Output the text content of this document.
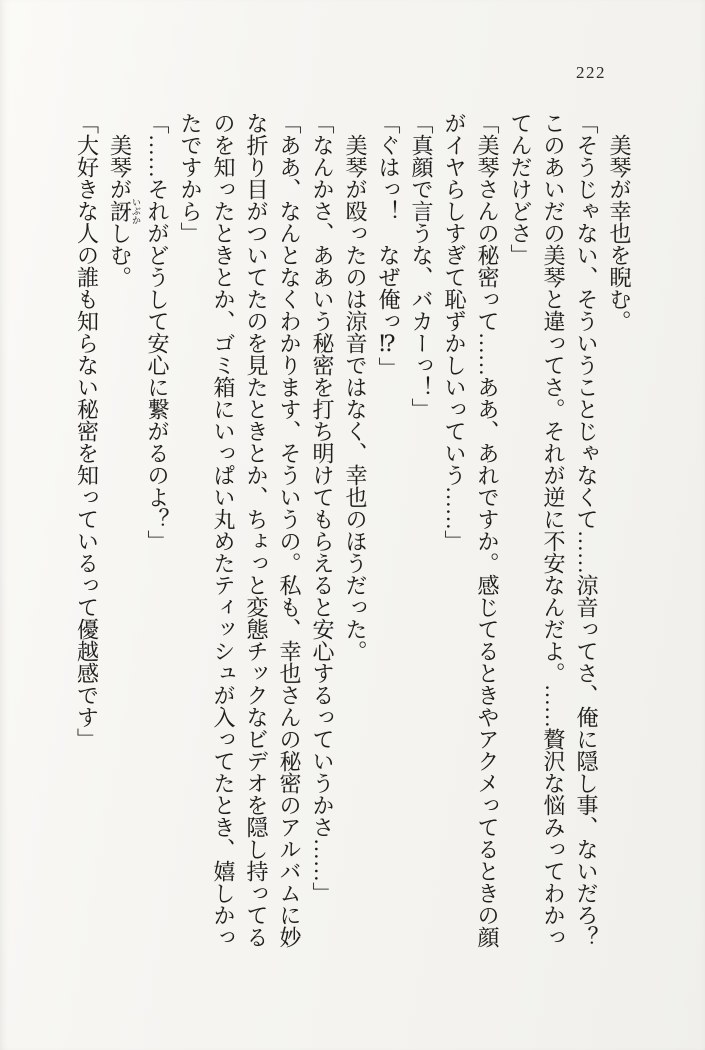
222

美琴が幸也を睨む。

「そうじゃない、そういうことじゃなくて……涼音ってさ、俺に隠し事、ないだろ？このあいだの美琴と違ってさ。それが逆に不安なんだよ。……贅沢な悩みってわかってんだけどさ」

「美琴さんの秘密って……ああ、あれですか。感じてるときやアクメってるときの顔がイヤらしすぎて恥ずかしいっていう……」

「真顔で言うな、バカーっ！」

「ぐはっ！　なぜ俺っ⁉」

美琴が殴ったのは涼音ではなく、幸也のほうだった。

「なんかさ、ああいう秘密を打ち明けてもらえると安心するっていうかさ……」

「ああ、なんとなくわかります、そういうの。私も、幸也さんの秘密のアルバムに妙な折り目がついてたのを見たときとか、ちょっと変態チックなビデオを隠し持ってるのを知ったときとか、ゴミ箱にいっぱい丸めたティッシュが入ってたとき、嬉しかったですから」

「……それがどうして安心に繋がるのよ？」

美琴が訝いぶかしむ。

「大好きな人の誰も知らない秘密を知っているって優越感です」
